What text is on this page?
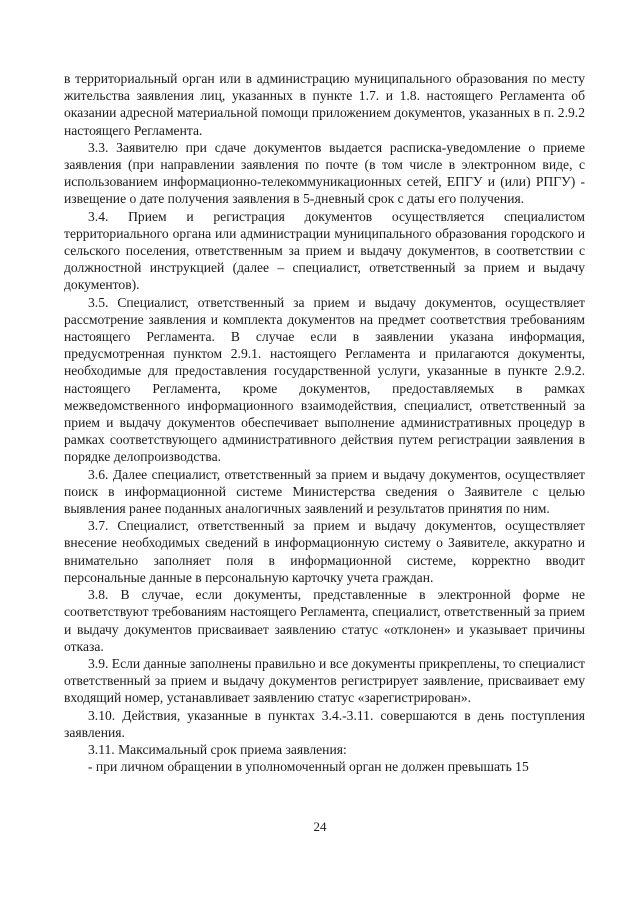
в территориальный орган или в администрацию муниципального образования по месту жительства заявления лиц, указанных в пункте 1.7. и 1.8. настоящего Регламента об оказании адресной материальной помощи приложением документов, указанных в п. 2.9.2 настоящего Регламента.

3.3. Заявителю при сдаче документов выдается расписка-уведомление о приеме заявления (при направлении заявления по почте (в том числе в электронном виде, с использованием информационно-телекоммуникационных сетей, ЕПГУ и (или) РПГУ) - извещение о дате получения заявления в 5-дневный срок с даты его получения.

3.4. Прием и регистрация документов осуществляется специалистом территориального органа или администрации муниципального образования городского и сельского поселения, ответственным за прием и выдачу документов, в соответствии с должностной инструкцией (далее – специалист, ответственный за прием и выдачу документов).

3.5. Специалист, ответственный за прием и выдачу документов, осуществляет рассмотрение заявления и комплекта документов на предмет соответствия требованиям настоящего Регламента. В случае если в заявлении указана информация, предусмотренная пунктом 2.9.1. настоящего Регламента и прилагаются документы, необходимые для предоставления государственной услуги, указанные в пункте 2.9.2. настоящего Регламента, кроме документов, предоставляемых в рамках межведомственного информационного взаимодействия, специалист, ответственный за прием и выдачу документов обеспечивает выполнение административных процедур в рамках соответствующего административного действия путем регистрации заявления в порядке делопроизводства.

3.6. Далее специалист, ответственный за прием и выдачу документов, осуществляет поиск в информационной системе Министерства сведения о Заявителе с целью выявления ранее поданных аналогичных заявлений и результатов принятия по ним.

3.7. Специалист, ответственный за прием и выдачу документов, осуществляет внесение необходимых сведений в информационную систему о Заявителе, аккуратно и внимательно заполняет поля в информационной системе, корректно вводит персональные данные в персональную карточку учета граждан.

3.8. В случае, если документы, представленные в электронной форме не соответствуют требованиям настоящего Регламента, специалист, ответственный за прием и выдачу документов присваивает заявлению статус «отклонен» и указывает причины отказа.

3.9. Если данные заполнены правильно и все документы прикреплены, то специалист ответственный за прием и выдачу документов регистрирует заявление, присваивает ему входящий номер, устанавливает заявлению статус «зарегистрирован».

3.10. Действия, указанные в пунктах 3.4.-3.11. совершаются в день поступления заявления.

3.11. Максимальный срок приема заявления:

- при личном обращении в уполномоченный орган не должен превышать 15

24
